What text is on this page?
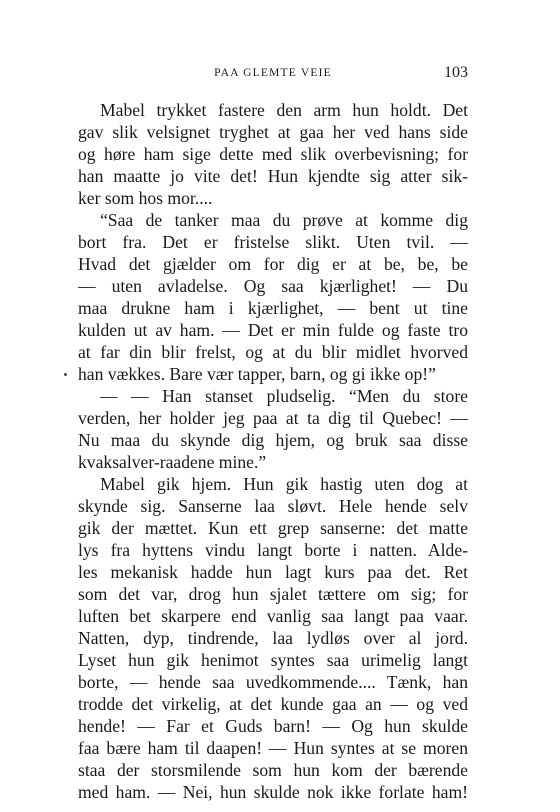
PAA GLEMTE VEIE	103
Mabel trykket fastere den arm hun holdt. Det
gav slik velsignet tryghet at gaa her ved hans side
og høre ham sige dette med slik overbevisning; for
han maatte jo vite det! Hun kjendte sig atter sik-
ker som hos mor....
“Saa de tanker maa du prøve at komme dig
bort fra. Det er fristelse slikt. Uten tvil. —
Hvad det gjælder om for dig er at be, be, be
— uten avladelse. Og saa kjærlighet! — Du
maa drukne ham i kjærlighet, — bent ut tine
kulden ut av ham. — Det er min fulde og faste tro
at far din blir frelst, og at du blir midlet hvorved
han vækkes. Bare vær tapper, barn, og gi ikke op!”
— — Han stanset pludselig. “Men du store
verden, her holder jeg paa at ta dig til Quebec! —
Nu maa du skynde dig hjem, og bruk saa disse
kvaksalver-raadene mine.”
Mabel gik hjem. Hun gik hastig uten dog at
skynde sig. Sanserne laa sløvt. Hele hende selv
gik der mættet. Kun ett grep sanserne: det matte
lys fra hyttens vindu langt borte i natten. Alde-
les mekanisk hadde hun lagt kurs paa det. Ret
som det var, drog hun sjalet tættere om sig; for
luften bet skarpere end vanlig saa langt paa vaar.
Natten, dyp, tindrende, laa lydløs over al jord.
Lyset hun gik henimot syntes saa urimelig langt
borte, — hende saa uvedkommende.... Tænk, han
trodde det virkelig, at det kunde gaa an — og ved
hende! — Far et Guds barn! — Og hun skulde
faa bære ham til daapen! — Hun syntes at se moren
staa der storsmilende som hun kom der bærende
med ham. — Nei, hun skulde nok ikke forlate ham!
